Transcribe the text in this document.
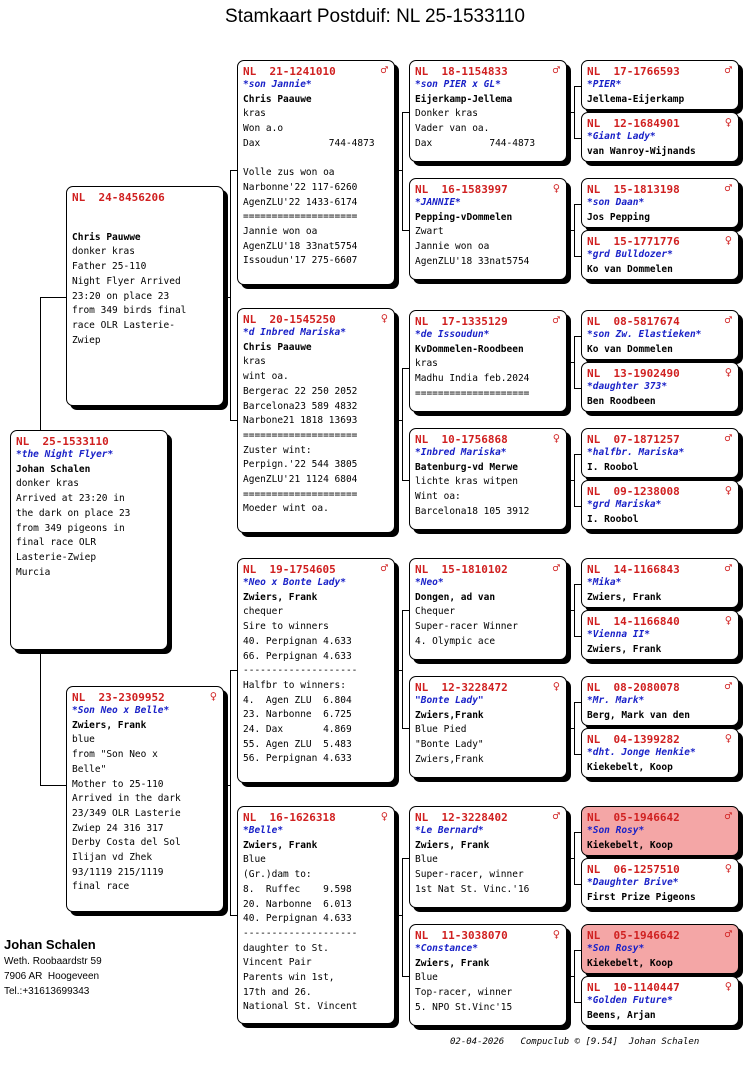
Stamkaart Postduif: NL 25-1533110
NL  25-1533110
*the Night Flyer*
Johan Schalen
donker kras
Arrived at 23:20 in
the dark on place 23
from 349 pigeons in
final race OLR
Lasterie-Zwiep
Murcia
NL  24-8456206
Chris Pauwwe
donker kras
Father 25-110
Night Flyer Arrived
23:20 on place 23
from 349 birds final
race OLR Lasterie-
Zwiep
NL  23-2309952	♀
*Son Neo x Belle*
Zwiers, Frank
blue
from "Son Neo x
Belle"
Mother to 25-110
Arrived in the dark
23/349 OLR Lasterie
Zwiep 24 316 317
Derby Costa del Sol
Ilijan vd Zhek
93/1119 215/1119
final race
NL  21-1241010	♂
*son Jannie*
Chris Paauwe
kras
Won a.o
Dax            744-4873
Volle zus won oa
Narbonne'22 117-6260
AgenZLU'22 1433-6174
====================
Jannie won oa
AgenZLU'18 33nat5754
Issoudun'17 275-6607
NL  20-1545250	♀
*d Inbred Mariska*
Chris Paauwe
kras
wint oa.
Bergerac 22 250 2052
Barcelona23 589 4832
Narbone21 1818 13693
====================
Zuster wint:
Perpign.'22 544 3805
AgenZLU'21 1124 6804
====================
Moeder wint oa.
NL  19-1754605	♂
*Neo x Bonte Lady*
Zwiers, Frank
chequer
Sire to winners
40. Perpignan 4.633
66. Perpignan 4.633
--------------------
Halfbr to winners:
4.  Agen ZLU  6.804
23. Narbonne  6.725
24. Dax       4.869
55. Agen ZLU  5.483
56. Perpignan 4.633
NL  16-1626318	♀
*Belle*
Zwiers, Frank
Blue
(Gr.)dam to:
8.  Ruffec    9.598
20. Narbonne  6.013
40. Perpignan 4.633
--------------------
daughter to St.
Vincent Pair
Parents win 1st,
17th and 26.
National St. Vincent
NL  18-1154833	♂
*son PIER x GL*
Eijerkamp-Jellema
Donker kras
Vader van oa.
Dax          744-4873
NL  16-1583997	♀
*JANNIE*
Pepping-vDommelen
Zwart
Jannie won oa
AgenZLU'18 33nat5754
NL  17-1335129	♂
*de Issoudun*
KvDommelen-Roodbeen
kras
Madhu India feb.2024
====================
NL  10-1756868	♀
*Inbred Mariska*
Batenburg-vd Merwe
lichte kras witpen
Wint oa:
Barcelona18 105 3912
NL  15-1810102	♂
*Neo*
Dongen, ad van
Chequer
Super-racer Winner
4. Olympic ace
NL  12-3228472	♀
"Bonte Lady"
Zwiers,Frank
Blue Pied
"Bonte Lady"
Zwiers,Frank
NL  12-3228402	♂
*Le Bernard*
Zwiers, Frank
Blue
Super-racer, winner
1st Nat St. Vinc.'16
NL  11-3038070	♀
*Constance*
Zwiers, Frank
Blue
Top-racer, winner
5. NPO St.Vinc'15
NL  17-1766593	♂
*PIER*
Jellema-Eijerkamp
NL  12-1684901	♀
*Giant Lady*
van Wanroy-Wijnands
NL  15-1813198	♂
*son Daan*
Jos Pepping
NL  15-1771776	♀
*grd Bulldozer*
Ko van Dommelen
NL  08-5817674	♂
*son Zw. Elastieken*
Ko van Dommelen
NL  13-1902490	♀
*daughter 373*
Ben Roodbeen
NL  07-1871257	♂
*halfbr. Mariska*
I. Roobol
NL  09-1238008	♀
*grd Mariska*
I. Roobol
NL  14-1166843	♂
*Mika*
Zwiers, Frank
NL  14-1166840	♀
*Vienna II*
Zwiers, Frank
NL  08-2080078	♂
*Mr. Mark*
Berg, Mark van den
NL  04-1399282	♀
*dht. Jonge Henkie*
Kiekebelt, Koop
NL  05-1946642	♂
*Son Rosy*
Kiekebelt, Koop
NL  06-1257510	♀
*Daughter Brive*
First Prize Pigeons
NL  05-1946642	♂
*Son Rosy*
Kiekebelt, Koop
NL  10-1140447	♀
*Golden Future*
Beens, Arjan
Johan Schalen
Weth. Roobaardstr 59
7906 AR  Hoogeveen
Tel.:+31613699343
02-04-2026   Compuclub © [9.54]  Johan Schalen
